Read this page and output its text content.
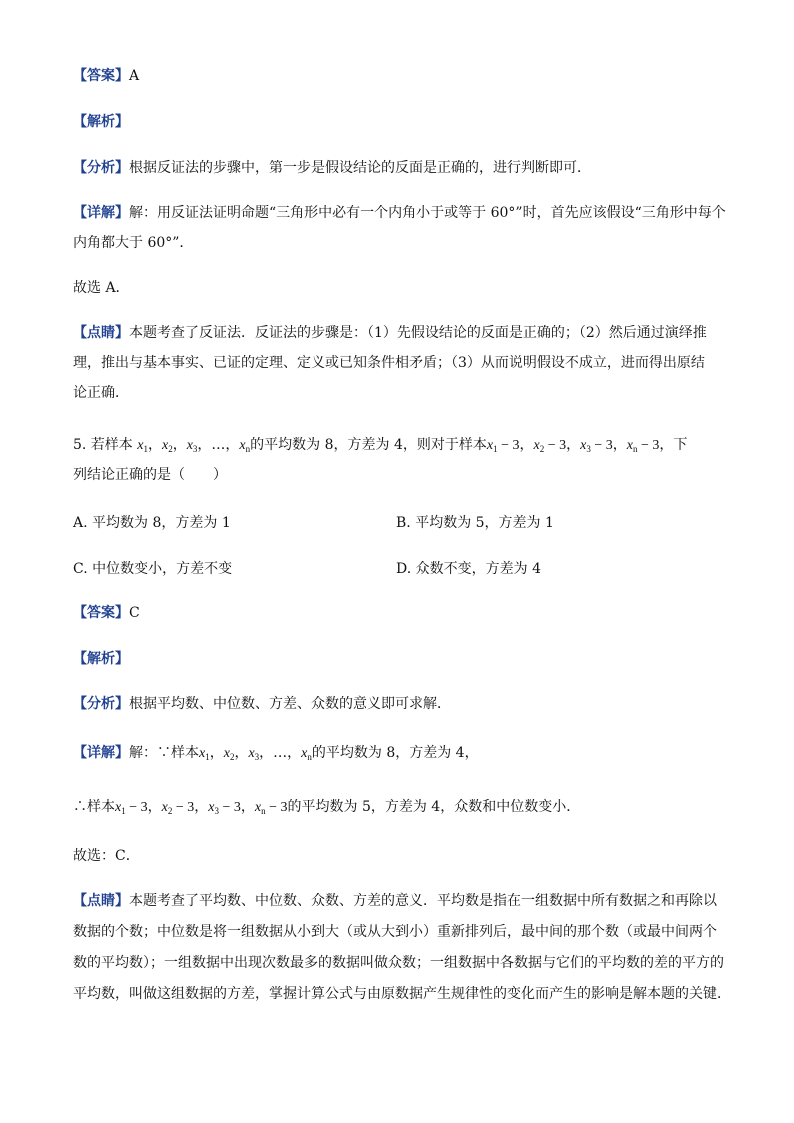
【答案】A
【解析】
【分析】根据反证法的步骤中，第一步是假设结论的反面是正确的，进行判断即可．
【详解】解：用反证法证明命题“三角形中必有一个内角小于或等于 60°”时，首先应该假设“三角形中每个
内角都大于 60°”．
故选 A．
【点睛】本题考查了反证法．反证法的步骤是：（1）先假设结论的反面是正确的；（2）然后通过演绎推
理，推出与基本事实、已证的定理、定义或已知条件相矛盾；（3）从而说明假设不成立，进而得出原结
论正确．
5. 若样本 $x_1$，$x_2$，$x_3$，…，$x_n$的平均数为 8，方差为 4，则对于样本$x_1 - 3$，$x_2 - 3$，$x_3 - 3$，$x_n - 3$，下
列结论正确的是（　　）
A. 平均数为 8，方差为 1	B. 平均数为 5，方差为 1
C. 中位数变小，方差不变	D. 众数不变，方差为 4
【答案】C
【解析】
【分析】根据平均数、中位数、方差、众数的意义即可求解．
【详解】解：∵样本$x_1$，$x_2$，$x_3$，…，$x_n$的平均数为 8，方差为 4，
∴样本$x_1 - 3$，$x_2 - 3$，$x_3 - 3$，$x_n - 3$的平均数为 5，方差为 4，众数和中位数变小．
故选：C．
【点睛】本题考查了平均数、中位数、众数、方差的意义．平均数是指在一组数据中所有数据之和再除以
数据的个数；中位数是将一组数据从小到大（或从大到小）重新排列后，最中间的那个数（或最中间两个
数的平均数）；一组数据中出现次数最多的数据叫做众数；一组数据中各数据与它们的平均数的差的平方的
平均数，叫做这组数据的方差，掌握计算公式与由原数据产生规律性的变化而产生的影响是解本题的关键．
